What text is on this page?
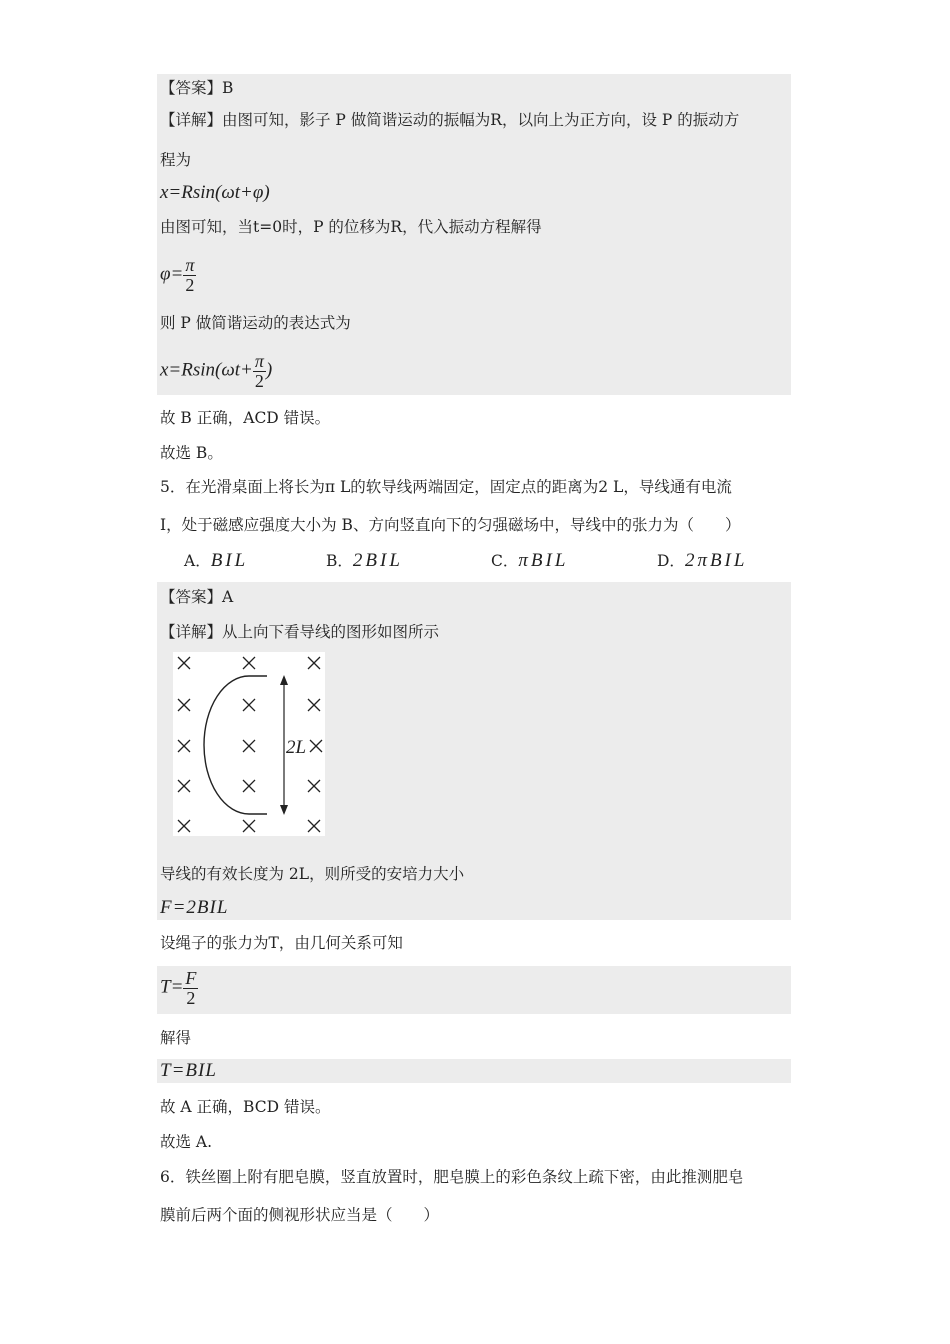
【答案】B
【详解】由图可知，影子 P 做简谐运动的振幅为R，以向上为正方向，设 P 的振动方
程为
x=Rsin(ωt+φ)
由图可知，当t=0时，P 的位移为R，代入振动方程解得
$\varphi= \frac{\pi}{2}$
则 P 做简谐运动的表达式为
$x=Rsin(\omega t+ \frac{\pi}{2}$ )
故 B 正确，ACD 错误。
故选 B。
5．在光滑桌面上将长为π L的软导线两端固定，固定点的距离为2 L，导线通有电流
I，处于磁感应强度大小为 B、方向竖直向下的匀强磁场中，导线中的张力为（　　）
A．BIL	B．2BIL	C．πBIL	D．2πBIL
【答案】A
【详解】从上向下看导线的图形如图所示
2L
导线的有效长度为 2L，则所受的安培力大小
F=2BIL
设绳子的张力为T，由几何关系可知
$T= \frac{F}{2}$
解得
T=BIL
故 A 正确，BCD 错误。
故选 A.
6．铁丝圈上附有肥皂膜，竖直放置时，肥皂膜上的彩色条纹上疏下密，由此推测肥皂
膜前后两个面的侧视形状应当是（　　）
